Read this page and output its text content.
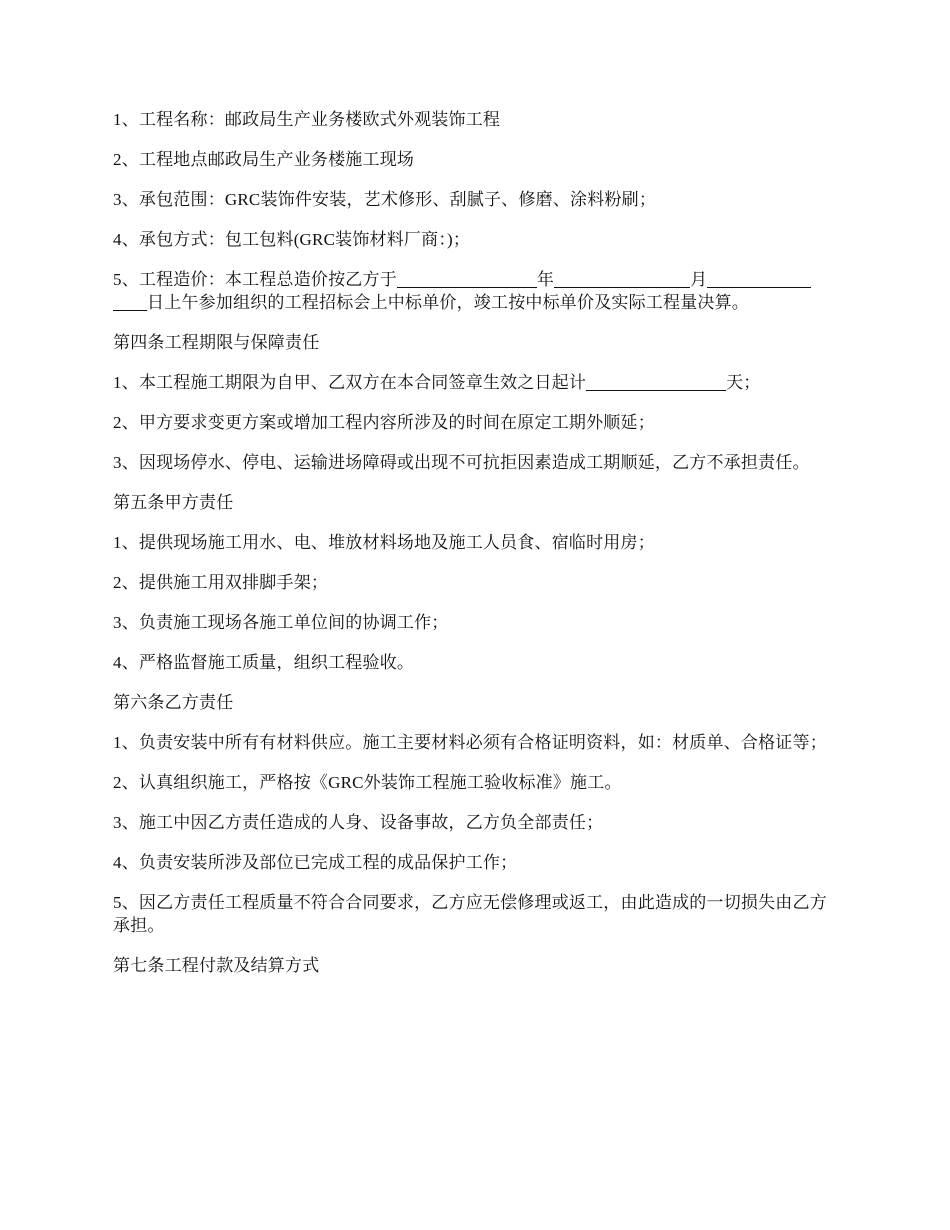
1、工程名称：邮政局生产业务楼欧式外观装饰工程

2、工程地点邮政局生产业务楼施工现场

3、承包范围：GRC装饰件安装，艺术修形、刮腻子、修磨、涂料粉刷；

4、承包方式：包工包料(GRC装饰材料厂商：)；

5、工程造价：本工程总造价按乙方于	年	月日上午参加组织的工程招标会上中标单价，竣工按中标单价及实际工程量决算。

第四条工程期限与保障责任

1、本工程施工期限为自甲、乙双方在本合同签章生效之日起计	天；

2、甲方要求变更方案或增加工程内容所涉及的时间在原定工期外顺延；

3、因现场停水、停电、运输进场障碍或出现不可抗拒因素造成工期顺延，乙方不承担责任。

第五条甲方责任

1、提供现场施工用水、电、堆放材料场地及施工人员食、宿临时用房；

2、提供施工用双排脚手架；

3、负责施工现场各施工单位间的协调工作；

4、严格监督施工质量，组织工程验收。

第六条乙方责任

1、负责安装中所有有材料供应。施工主要材料必须有合格证明资料，如：材质单、合格证等；

2、认真组织施工，严格按《GRC外装饰工程施工验收标准》施工。

3、施工中因乙方责任造成的人身、设备事故，乙方负全部责任；

4、负责安装所涉及部位已完成工程的成品保护工作；

5、因乙方责任工程质量不符合合同要求，乙方应无偿修理或返工，由此造成的一切损失由乙方承担。

第七条工程付款及结算方式
